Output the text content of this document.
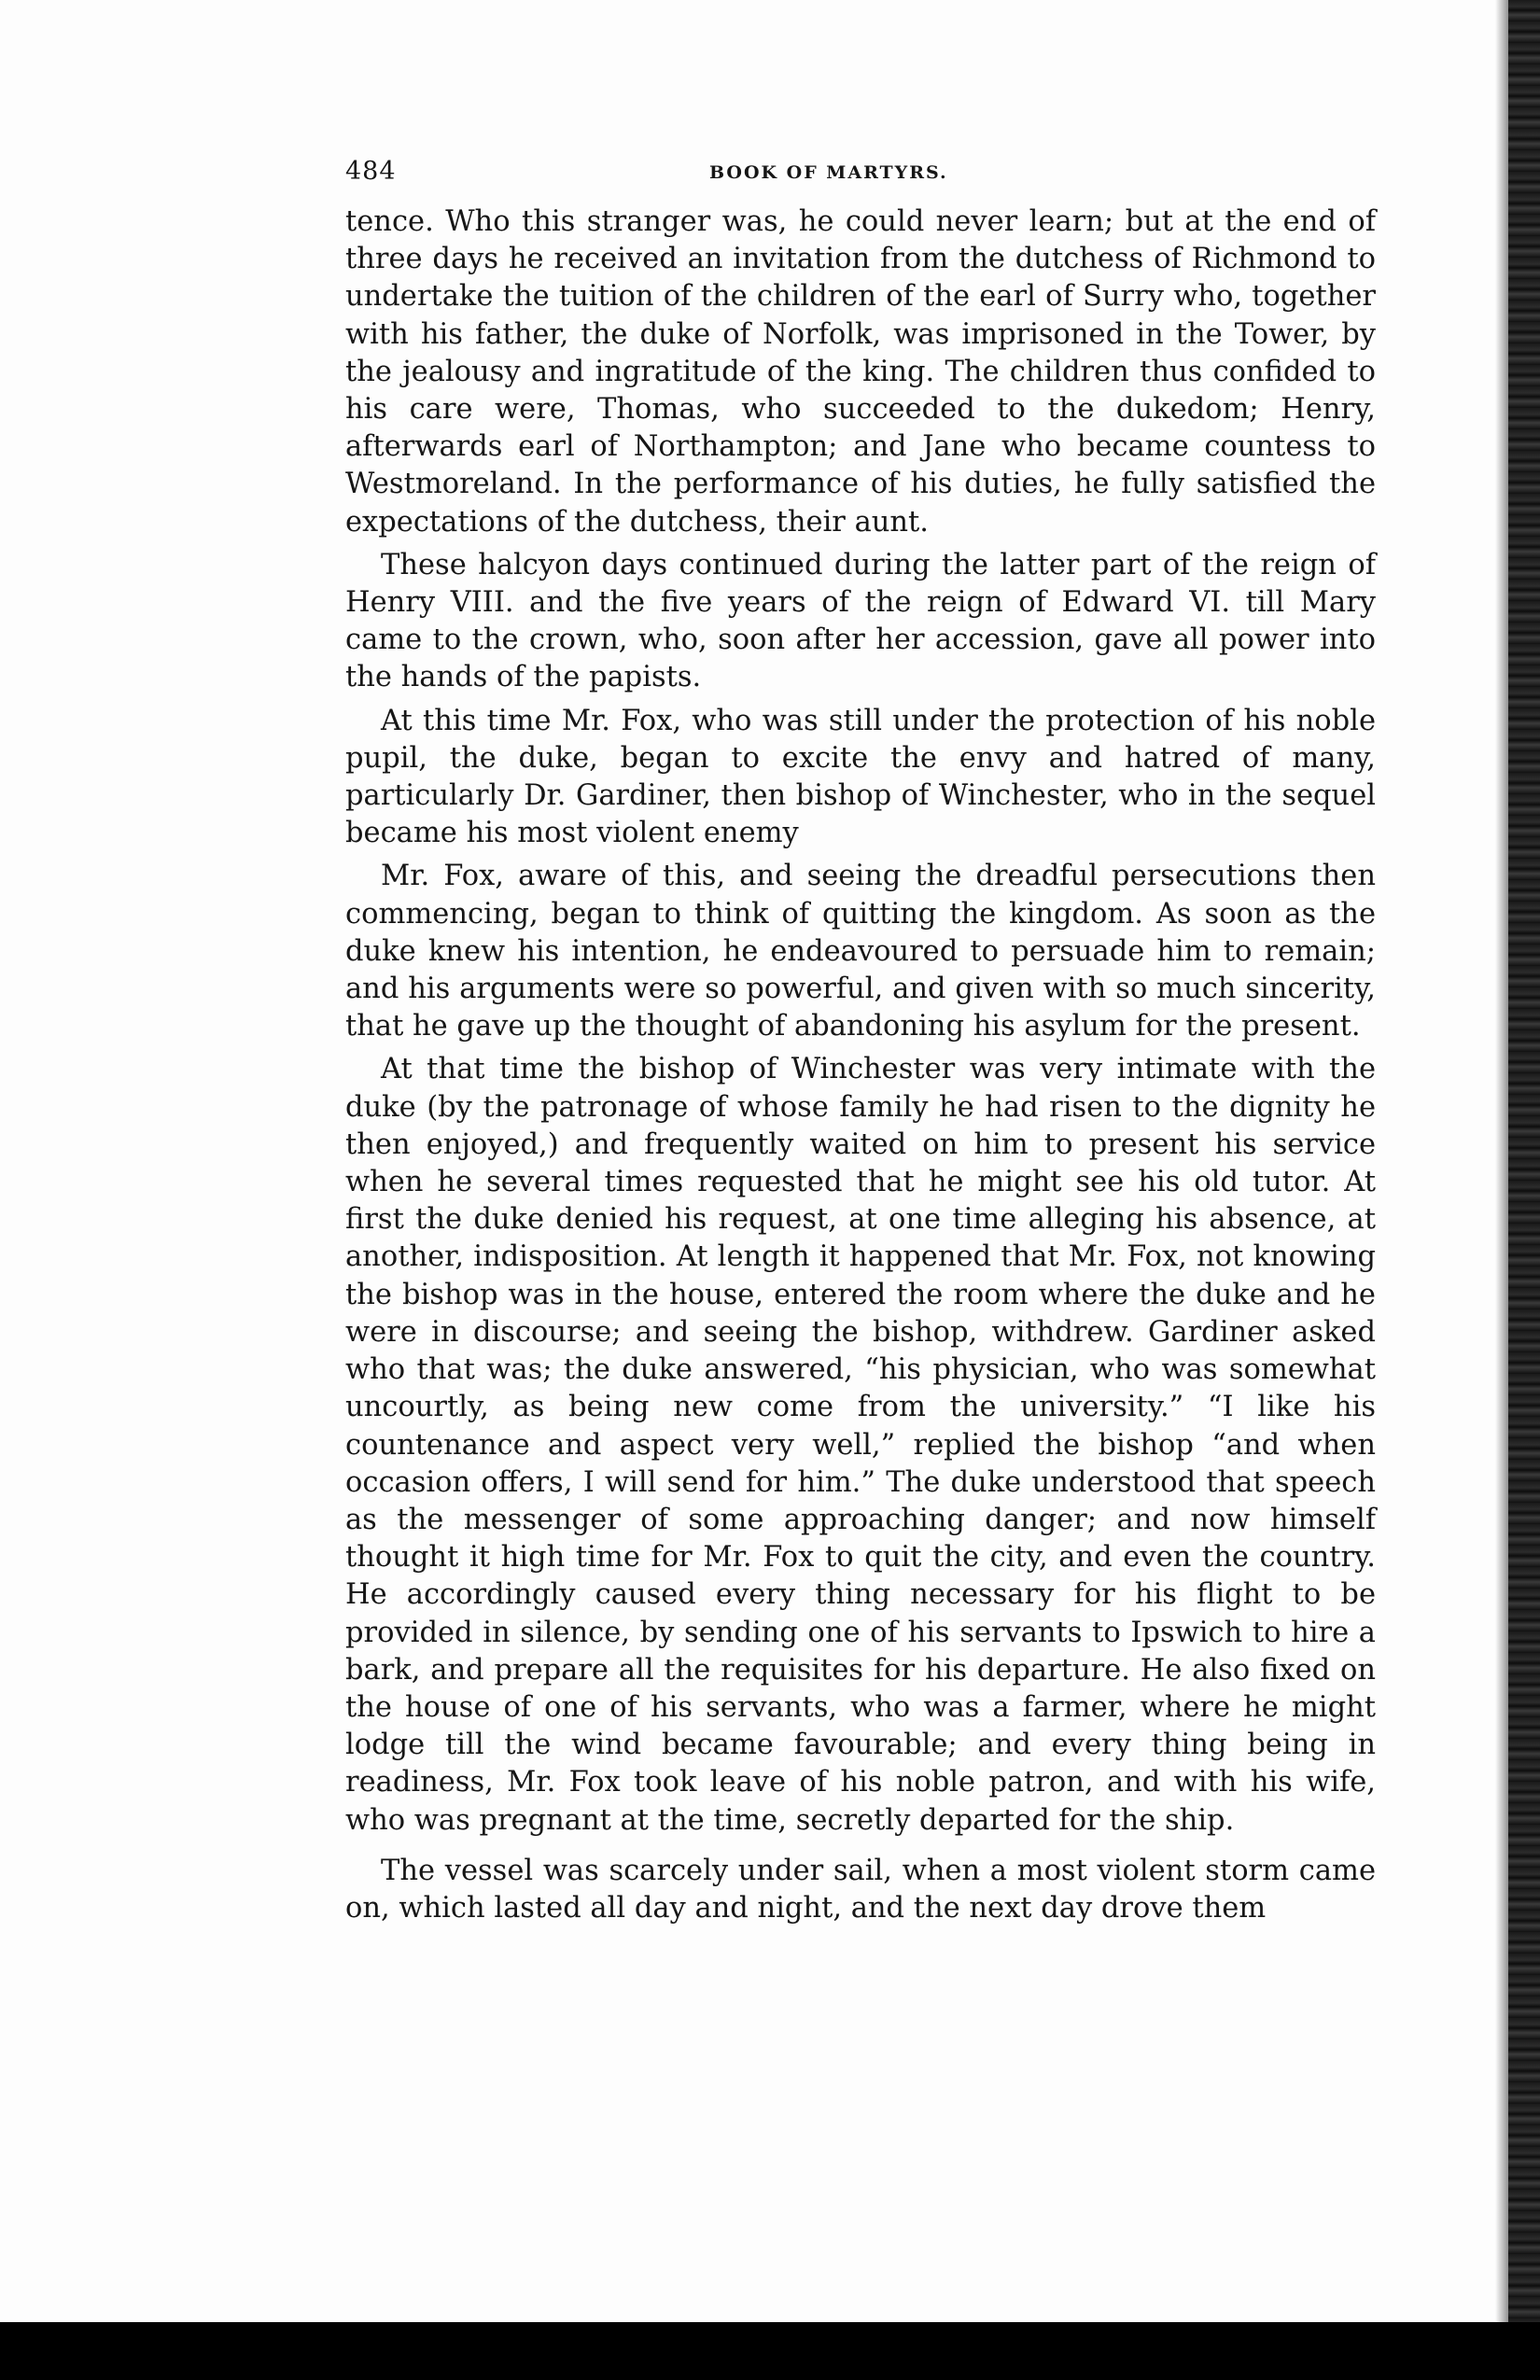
484	BOOK OF MARTYRS.

tence. Who this stranger was, he could never learn; but at the end of three days he received an invitation from the dutchess of Richmond to undertake the tuition of the children of the earl of Surry who, together with his father, the duke of Norfolk, was imprisoned in the Tower, by the jealousy and ingratitude of the king. The children thus confided to his care were, Thomas, who succeeded to the dukedom; Henry, afterwards earl of Northampton; and Jane who became countess to Westmoreland. In the performance of his duties, he fully satisfied the expectations of the dutchess, their aunt.

These halcyon days continued during the latter part of the reign of Henry VIII. and the five years of the reign of Edward VI. till Mary came to the crown, who, soon after her accession, gave all power into the hands of the papists.

At this time Mr. Fox, who was still under the protection of his noble pupil, the duke, began to excite the envy and hatred of many, particularly Dr. Gardiner, then bishop of Winchester, who in the sequel became his most violent enemy

Mr. Fox, aware of this, and seeing the dreadful persecutions then commencing, began to think of quitting the kingdom. As soon as the duke knew his intention, he endeavoured to persuade him to remain; and his arguments were so powerful, and given with so much sincerity, that he gave up the thought of abandoning his asylum for the present.

At that time the bishop of Winchester was very intimate with the duke (by the patronage of whose family he had risen to the dignity he then enjoyed,) and frequently waited on him to present his service when he several times requested that he might see his old tutor. At first the duke denied his request, at one time alleging his absence, at another, indisposition. At length it happened that Mr. Fox, not knowing the bishop was in the house, entered the room where the duke and he were in discourse; and seeing the bishop, withdrew. Gardiner asked who that was; the duke answered, “his physician, who was somewhat uncourtly, as being new come from the university.” “I like his countenance and aspect very well,” replied the bishop “and when occasion offers, I will send for him.” The duke understood that speech as the messenger of some approaching danger; and now himself thought it high time for Mr. Fox to quit the city, and even the country. He accordingly caused every thing necessary for his flight to be provided in silence, by sending one of his servants to Ipswich to hire a bark, and prepare all the requisites for his departure. He also fixed on the house of one of his servants, who was a farmer, where he might lodge till the wind became favourable; and every thing being in readiness, Mr. Fox took leave of his noble patron, and with his wife, who was pregnant at the time, secretly departed for the ship.

The vessel was scarcely under sail, when a most violent storm came on, which lasted all day and night, and the next day drove them
